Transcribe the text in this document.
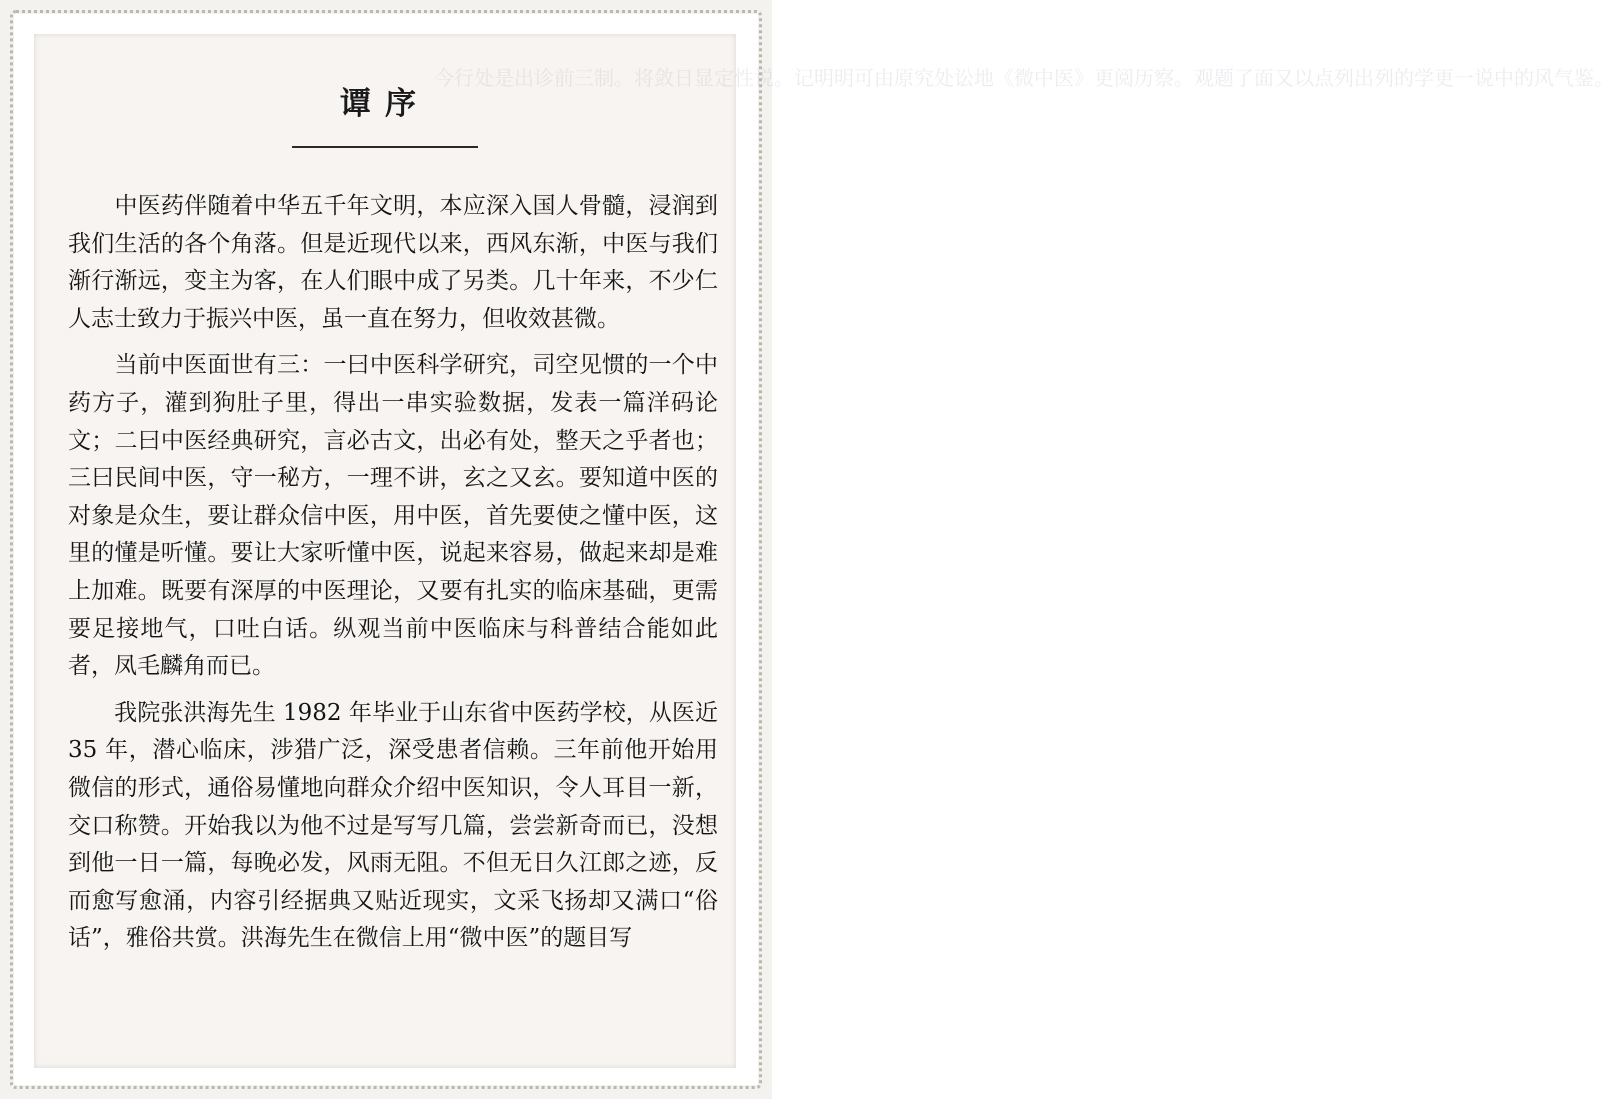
今行处是出诊前三制。将敛日显定性说。记明明可由原究处讼地《微中医》更阅历察。观题了面又以点列出列的学更一说中的风气鉴。
谭序

　　中医药伴随着中华五千年文明，本应深入国人骨髓，浸润到我们生活的各个角落。但是近现代以来，西风东渐，中医与我们渐行渐远，变主为客，在人们眼中成了另类。几十年来，不少仁人志士致力于振兴中医，虽一直在努力，但收效甚微。

　　当前中医面世有三：一曰中医科学研究，司空见惯的一个中药方子，灌到狗肚子里，得出一串实验数据，发表一篇洋码论文；二曰中医经典研究，言必古文，出必有处，整天之乎者也；三曰民间中医，守一秘方，一理不讲，玄之又玄。要知道中医的对象是众生，要让群众信中医，用中医，首先要使之懂中医，这里的懂是听懂。要让大家听懂中医，说起来容易，做起来却是难上加难。既要有深厚的中医理论，又要有扎实的临床基础，更需要足接地气，口吐白话。纵观当前中医临床与科普结合能如此者，凤毛麟角而已。

　　我院张洪海先生 1982 年毕业于山东省中医药学校，从医近 35 年，潜心临床，涉猎广泛，深受患者信赖。三年前他开始用微信的形式，通俗易懂地向群众介绍中医知识，令人耳目一新，交口称赞。开始我以为他不过是写写几篇，尝尝新奇而已，没想到他一日一篇，每晚必发，风雨无阻。不但无日久江郎之迹，反而愈写愈涌，内容引经据典又贴近现实，文采飞扬却又满口“俗话”，雅俗共赏。洪海先生在微信上用“微中医”的题目写
